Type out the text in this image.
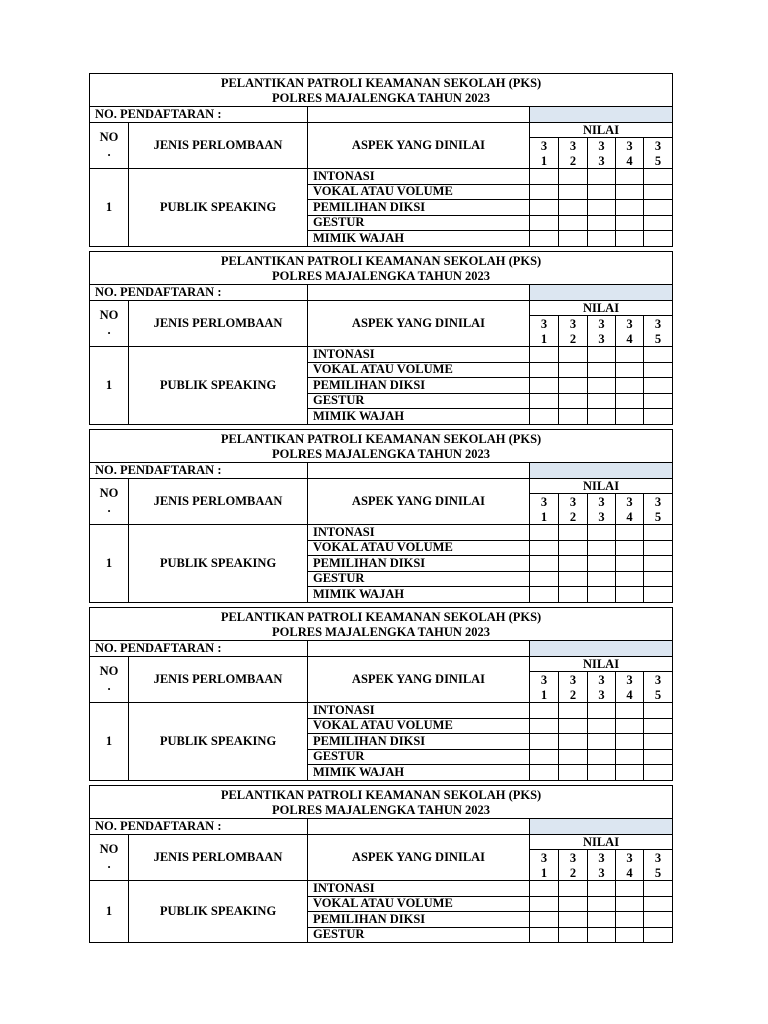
PELANTIKAN PATROLI KEAMANAN SEKOLAH (PKS)
POLRES MAJALENGKA TAHUN 2023							

NO. PENDAFTARAN :							

NO
.	JENIS PERLOMBAAN	ASPEK YANG DINILAI	NILAI				
			3	3	3	3	3
			1	2	3	4	5
1	PUBLIK SPEAKING	INTONASI					
		VOKAL ATAU VOLUME					
		PEMILIHAN DIKSI					
		GESTUR					
		MIMIK WAJAH					
PELANTIKAN PATROLI KEAMANAN SEKOLAH (PKS)
POLRES MAJALENGKA TAHUN 2023							

NO. PENDAFTARAN :							

NO
.	JENIS PERLOMBAAN	ASPEK YANG DINILAI	NILAI				
			3	3	3	3	3
			1	2	3	4	5
1	PUBLIK SPEAKING	INTONASI					
		VOKAL ATAU VOLUME					
		PEMILIHAN DIKSI					
		GESTUR					
		MIMIK WAJAH					
PELANTIKAN PATROLI KEAMANAN SEKOLAH (PKS)
POLRES MAJALENGKA TAHUN 2023							

NO. PENDAFTARAN :							

NO
.	JENIS PERLOMBAAN	ASPEK YANG DINILAI	NILAI				
			3	3	3	3	3
			1	2	3	4	5
1	PUBLIK SPEAKING	INTONASI					
		VOKAL ATAU VOLUME					
		PEMILIHAN DIKSI					
		GESTUR					
		MIMIK WAJAH					
PELANTIKAN PATROLI KEAMANAN SEKOLAH (PKS)
POLRES MAJALENGKA TAHUN 2023							

NO. PENDAFTARAN :							

NO
.	JENIS PERLOMBAAN	ASPEK YANG DINILAI	NILAI				
			3	3	3	3	3
			1	2	3	4	5
1	PUBLIK SPEAKING	INTONASI					
		VOKAL ATAU VOLUME					
		PEMILIHAN DIKSI					
		GESTUR					
		MIMIK WAJAH					
PELANTIKAN PATROLI KEAMANAN SEKOLAH (PKS)
POLRES MAJALENGKA TAHUN 2023							

NO. PENDAFTARAN :							

NO
.	JENIS PERLOMBAAN	ASPEK YANG DINILAI	NILAI				
			3	3	3	3	3
			1	2	3	4	5
1	PUBLIK SPEAKING	INTONASI					
		VOKAL ATAU VOLUME					
		PEMILIHAN DIKSI					
		GESTUR					
